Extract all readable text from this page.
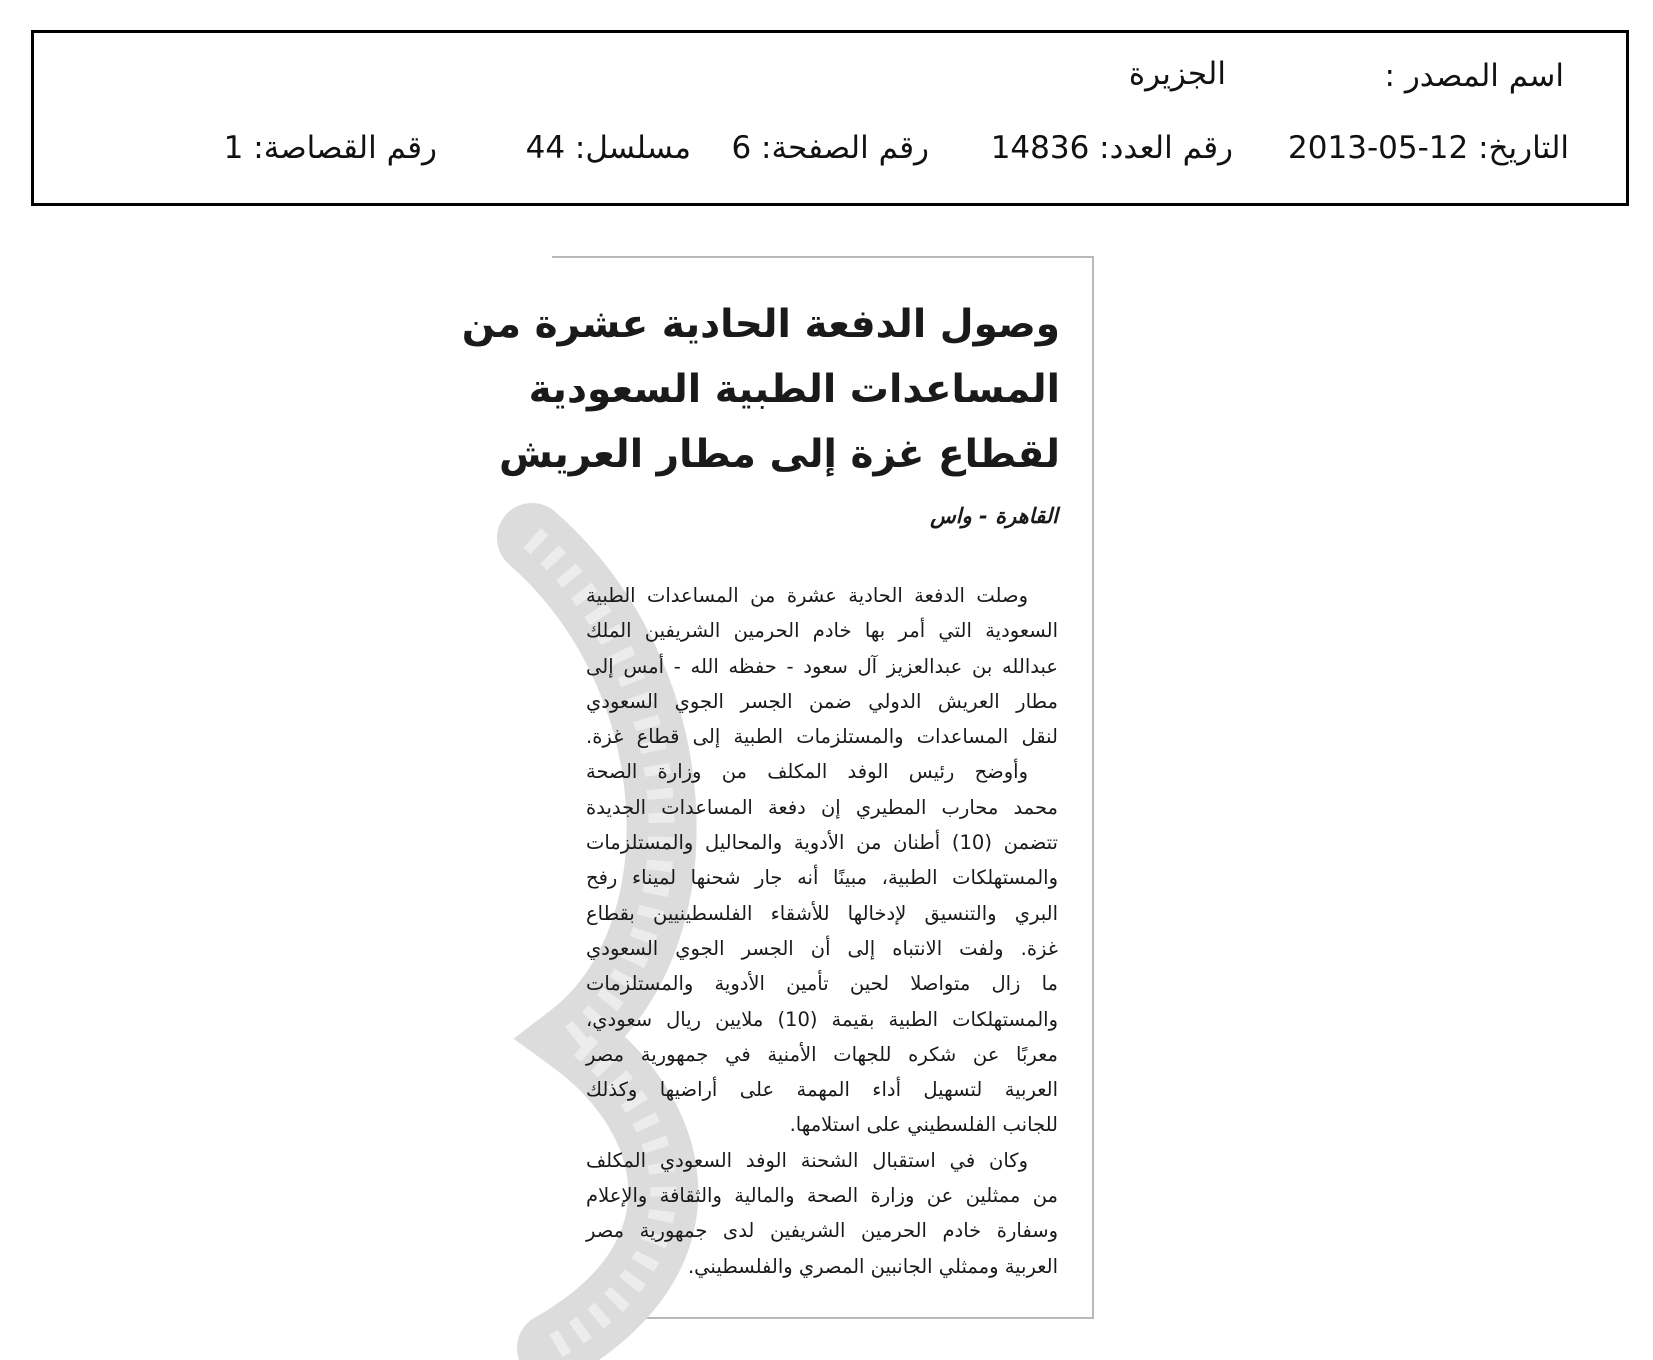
اسم المصدر :
الجزيرة
التاريخ: 12-05-2013
رقم العدد: 14836
رقم الصفحة: 6
مسلسل: 44
رقم القصاصة: 1
وصول الدفعة الحادية عشرة من
المساعدات الطبية السعودية
لقطاع غزة إلى مطار العريش
القاهرة - واس
وصلت الدفعة الحادية عشرة من المساعدات الطبية
السعودية التي أمر بها خادم الحرمين الشريفين الملك
عبدالله بن عبدالعزيز آل سعود - حفظه الله - أمس إلى
مطار العريش الدولي ضمن الجسر الجوي السعودي
لنقل المساعدات والمستلزمات الطبية إلى قطاع غزة.
وأوضح رئيس الوفد المكلف من وزارة الصحة
محمد محارب المطيري إن دفعة المساعدات الجديدة
تتضمن (10) أطنان من الأدوية والمحاليل والمستلزمات
والمستهلكات الطبية، مبينًا أنه جار شحنها لميناء رفح
البري والتنسيق لإدخالها للأشقاء الفلسطينيين بقطاع
غزة. ولفت الانتباه إلى أن الجسر الجوي السعودي
ما زال متواصلا لحين تأمين الأدوية والمستلزمات
والمستهلكات الطبية بقيمة (10) ملايين ريال سعودي،
معربًا عن شكره للجهات الأمنية في جمهورية مصر
العربية لتسهيل أداء المهمة على أراضيها وكذلك
للجانب الفلسطيني على استلامها.
وكان في استقبال الشحنة الوفد السعودي المكلف
من ممثلين عن وزارة الصحة والمالية والثقافة والإعلام
وسفارة خادم الحرمين الشريفين لدى جمهورية مصر
العربية وممثلي الجانبين المصري والفلسطيني.
